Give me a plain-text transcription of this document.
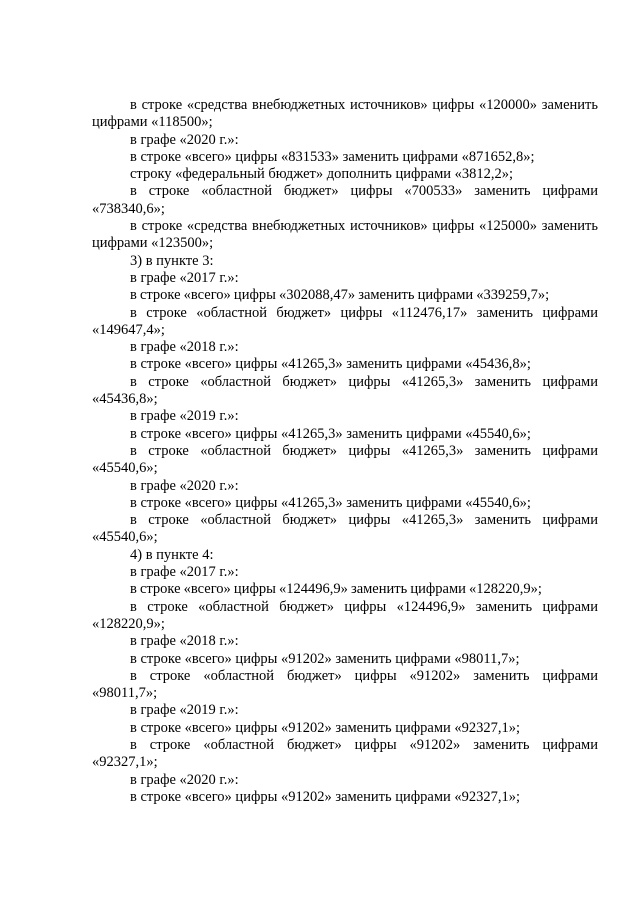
в строке «средства внебюджетных источников» цифры «120000» заменить цифрами «118500»;

в графе «2020 г.»:

в строке «всего» цифры «831533» заменить цифрами «871652,8»;

строку «федеральный бюджет» дополнить цифрами «3812,2»;

в строке «областной бюджет» цифры «700533» заменить цифрами «738340,6»;

в строке «средства внебюджетных источников» цифры «125000» заменить цифрами «123500»;

3) в пункте 3:

в графе «2017 г.»:

в строке «всего» цифры «302088,47» заменить цифрами «339259,7»;

в строке «областной бюджет» цифры «112476,17» заменить цифрами «149647,4»;

в графе «2018 г.»:

в строке «всего» цифры «41265,3» заменить цифрами «45436,8»;

в строке «областной бюджет» цифры «41265,3» заменить цифрами «45436,8»;

в графе «2019 г.»:

в строке «всего» цифры «41265,3» заменить цифрами «45540,6»;

в строке «областной бюджет» цифры «41265,3» заменить цифрами «45540,6»;

в графе «2020 г.»:

в строке «всего» цифры «41265,3» заменить цифрами «45540,6»;

в строке «областной бюджет» цифры «41265,3» заменить цифрами «45540,6»;

4) в пункте 4:

в графе «2017 г.»:

в строке «всего» цифры «124496,9» заменить цифрами «128220,9»;

в строке «областной бюджет» цифры «124496,9» заменить цифрами «128220,9»;

в графе «2018 г.»:

в строке «всего» цифры «91202» заменить цифрами «98011,7»;

в строке «областной бюджет» цифры «91202» заменить цифрами «98011,7»;

в графе «2019 г.»:

в строке «всего» цифры «91202» заменить цифрами «92327,1»;

в строке «областной бюджет» цифры «91202» заменить цифрами «92327,1»;

в графе «2020 г.»:

в строке «всего» цифры «91202» заменить цифрами «92327,1»;
